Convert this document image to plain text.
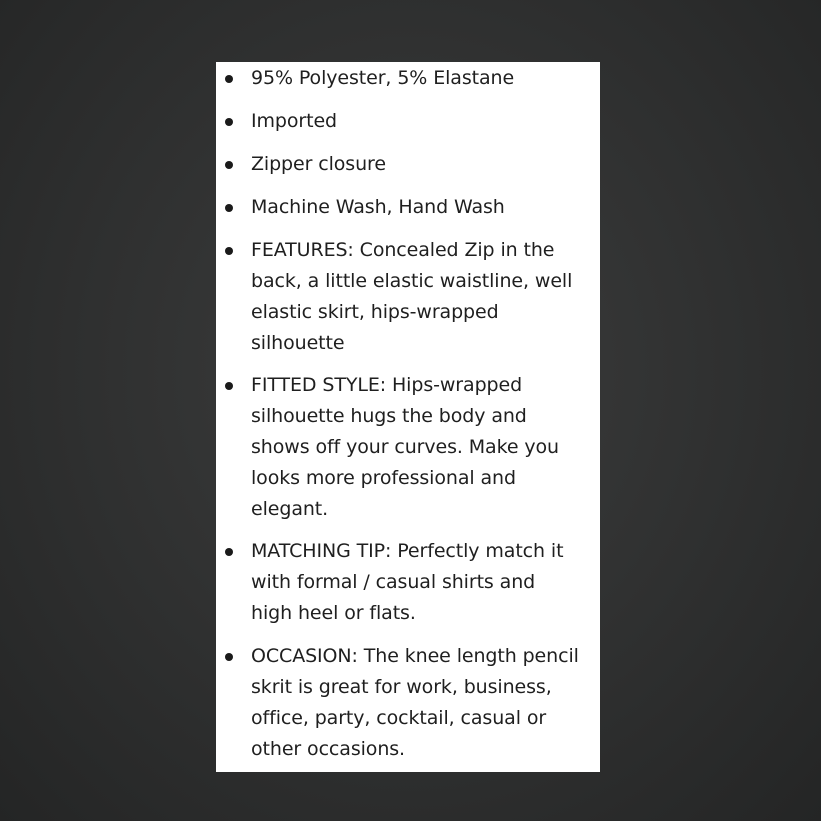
95% Polyester, 5% Elastane
Imported
Zipper closure
Machine Wash, Hand Wash
FEATURES: Concealed Zip in the
back, a little elastic waistline, well
elastic skirt, hips-wrapped
silhouette
FITTED STYLE: Hips-wrapped
silhouette hugs the body and
shows off your curves. Make you
looks more professional and
elegant.
MATCHING TIP: Perfectly match it
with formal / casual shirts and
high heel or flats.
OCCASION: The knee length pencil
skrit is great for work, business,
office, party, cocktail, casual or
other occasions.
